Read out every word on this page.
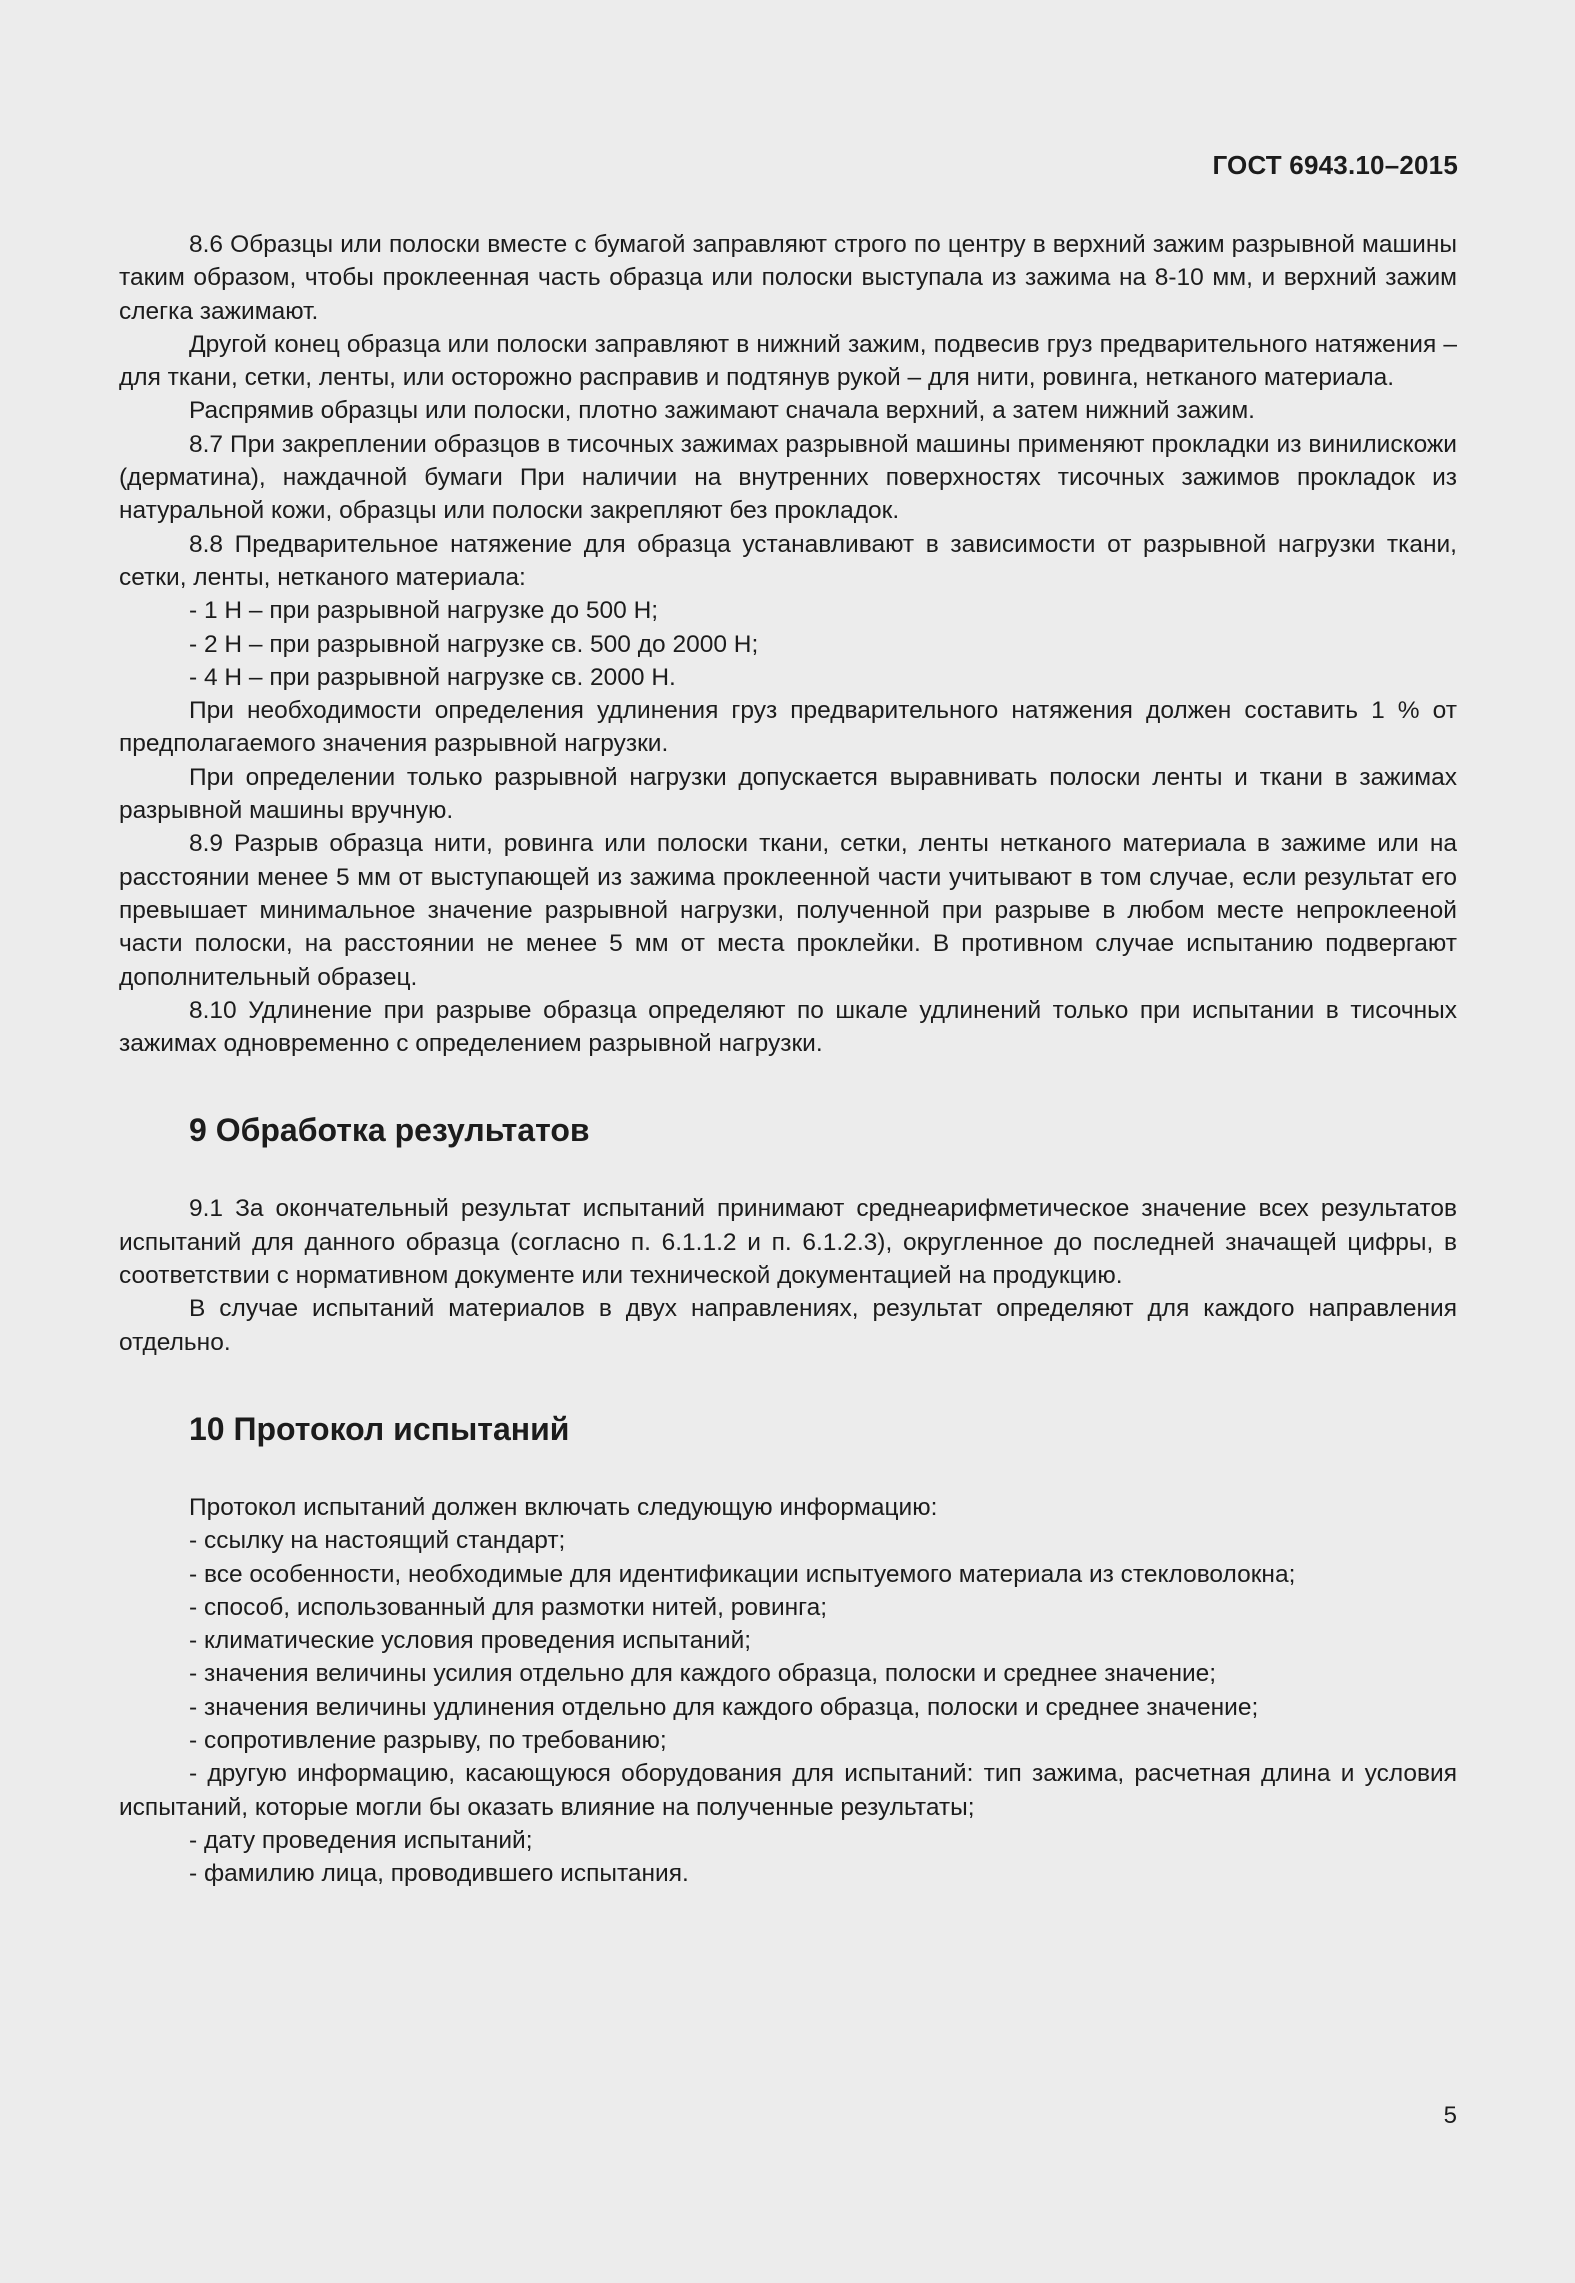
ГОСТ 6943.10–2015

8.6 Образцы или полоски вместе с бумагой заправляют строго по центру в верхний зажим разрывной машины таким образом, чтобы проклеенная часть образца или полоски выступала из зажима на 8-10 мм, и верхний зажим слегка зажимают.

Другой конец образца или полоски заправляют в нижний зажим, подвесив груз предварительного натяжения – для ткани, сетки, ленты, или осторожно расправив и подтянув рукой – для нити, ровинга, нетканого материала.

Распрямив образцы или полоски, плотно зажимают сначала верхний, а затем нижний зажим.

8.7 При закреплении образцов в тисочных зажимах разрывной машины применяют прокладки из винилискожи (дерматина), наждачной бумаги При наличии на внутренних поверхностях тисочных зажимов прокладок из натуральной кожи, образцы или полоски закрепляют без прокладок.

8.8 Предварительное натяжение для образца устанавливают в зависимости от разрывной нагрузки ткани, сетки, ленты, нетканого материала:

- 1 Н – при разрывной нагрузке до 500 Н;

- 2 Н – при разрывной нагрузке св. 500 до 2000 Н;

- 4 Н – при разрывной нагрузке св. 2000 Н.

При необходимости определения удлинения груз предварительного натяжения должен составить 1 % от предполагаемого значения разрывной нагрузки.

При определении только разрывной нагрузки допускается выравнивать полоски ленты и ткани в зажимах разрывной машины вручную.

8.9 Разрыв образца нити, ровинга или полоски ткани, сетки, ленты нетканого материала в зажиме или на расстоянии менее 5 мм от выступающей из зажима проклеенной части учитывают в том случае, если результат его превышает минимальное значение разрывной нагрузки, полученной при разрыве в любом месте непроклееной части полоски, на расстоянии не менее 5 мм от места проклейки. В противном случае испытанию подвергают дополнительный образец.

8.10 Удлинение при разрыве образца определяют по шкале удлинений только при испытании в тисочных зажимах одновременно с определением разрывной нагрузки.

9 Обработка результатов

9.1 За окончательный результат испытаний принимают среднеарифметическое значение всех результатов испытаний для данного образца (согласно п. 6.1.1.2 и п. 6.1.2.3), округленное до последней значащей цифры, в соответствии с нормативном документе или технической документацией на продукцию.

В случае испытаний материалов в двух направлениях, результат определяют для каждого направления отдельно.

10 Протокол испытаний

Протокол испытаний должен включать следующую информацию:

- ссылку на настоящий стандарт;

- все особенности, необходимые для идентификации испытуемого материала из стекловолокна;

- способ, использованный для размотки нитей, ровинга;

- климатические условия проведения испытаний;

- значения величины усилия отдельно для каждого образца, полоски и среднее значение;

- значения величины удлинения отдельно для каждого образца, полоски и среднее значение;

- сопротивление разрыву, по требованию;

- другую информацию, касающуюся оборудования для испытаний: тип зажима, расчетная длина и условия испытаний, которые могли бы оказать влияние на полученные результаты;

- дату проведения испытаний;

- фамилию лица, проводившего испытания.

5
